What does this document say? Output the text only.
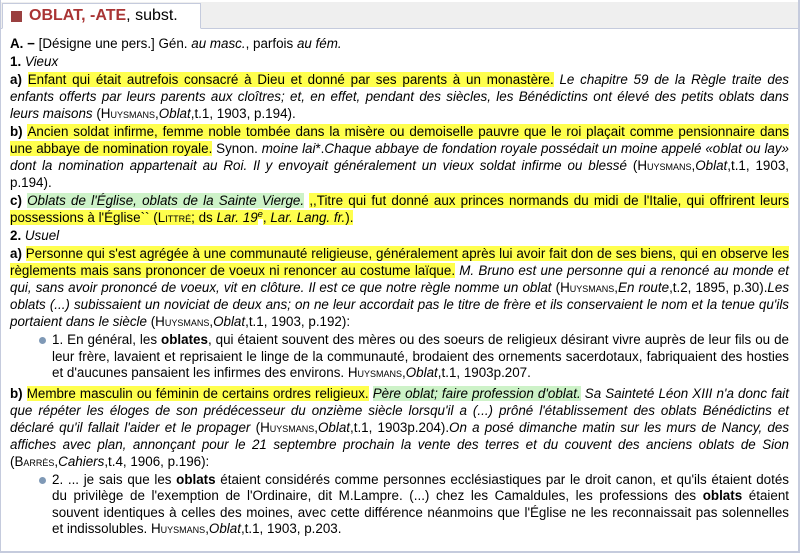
OBLAT, -ATE , subst.
A. − [Désigne une pers.] Gén. au masc., parfois au fém.
1. Vieux
a) Enfant qui était autrefois consacré à Dieu et donné par ses parents à un monastère. Le chapitre 59 de la Règle traite des enfants offerts par leurs parents aux cloîtres; et, en effet, pendant des siècles, les Bénédictins ont élevé des petits oblats dans leurs maisons (Huysmans,Oblat,t.1, 1903, p.194).
b) Ancien soldat infirme, femme noble tombée dans la misère ou demoiselle pauvre que le roi plaçait comme pensionnaire dans une abbaye de nomination royale. Synon. moine lai*.Chaque abbaye de fondation royale possédait un moine appelé «oblat ou lay» dont la nomination appartenait au Roi. Il y envoyait généralement un vieux soldat infirme ou blessé (Huysmans,Oblat,t.1, 1903, p.194).
c) Oblats de l'Église, oblats de la Sainte Vierge. ,,Titre qui fut donné aux princes normands du midi de l'Italie, qui offrirent leurs possessions à l'Église`` (Littré; ds Lar. 19e, Lar. Lang. fr.).
2. Usuel
a) Personne qui s'est agrégée à une communauté religieuse, généralement après lui avoir fait don de ses biens, qui en observe les règlements mais sans prononcer de voeux ni renoncer au costume laïque. M. Bruno est une personne qui a renoncé au monde et qui, sans avoir prononcé de voeux, vit en clôture. Il est ce que notre règle nomme un oblat (Huysmans,En route,t.2, 1895, p.30).Les oblats (...) subissaient un noviciat de deux ans; on ne leur accordait pas le titre de frère et ils conservaient le nom et la tenue qu'ils portaient dans le siècle (Huysmans,Oblat,t.1, 1903, p.192):
1. En général, les oblates, qui étaient souvent des mères ou des soeurs de religieux désirant vivre auprès de leur fils ou de leur frère, lavaient et reprisaient le linge de la communauté, brodaient des ornements sacerdotaux, fabriquaient des hosties et d'aucunes pansaient les infirmes des environs. Huysmans,Oblat,t.1, 1903p.207.
b) Membre masculin ou féminin de certains ordres religieux. Père oblat; faire profession d'oblat. Sa Sainteté Léon XIII n'a donc fait que répéter les éloges de son prédécesseur du onzième siècle lorsqu'il a (...) prôné l'établissement des oblats Bénédictins et déclaré qu'il fallait l'aider et le propager (Huysmans,Oblat,t.1, 1903p.204).On a posé dimanche matin sur les murs de Nancy, des affiches avec plan, annonçant pour le 21 septembre prochain la vente des terres et du couvent des anciens oblats de Sion (Barrès,Cahiers,t.4, 1906, p.196):
2. ... je sais que les oblats étaient considérés comme personnes ecclésiastiques par le droit canon, et qu'ils étaient dotés du privilège de l'exemption de l'Ordinaire, dit M.Lampre. (...) chez les Camaldules, les professions des oblats étaient souvent identiques à celles des moines, avec cette différence néanmoins que l'Église ne les reconnaissait pas solennelles et indissolubles. Huysmans,Oblat,t.1, 1903, p.203.
